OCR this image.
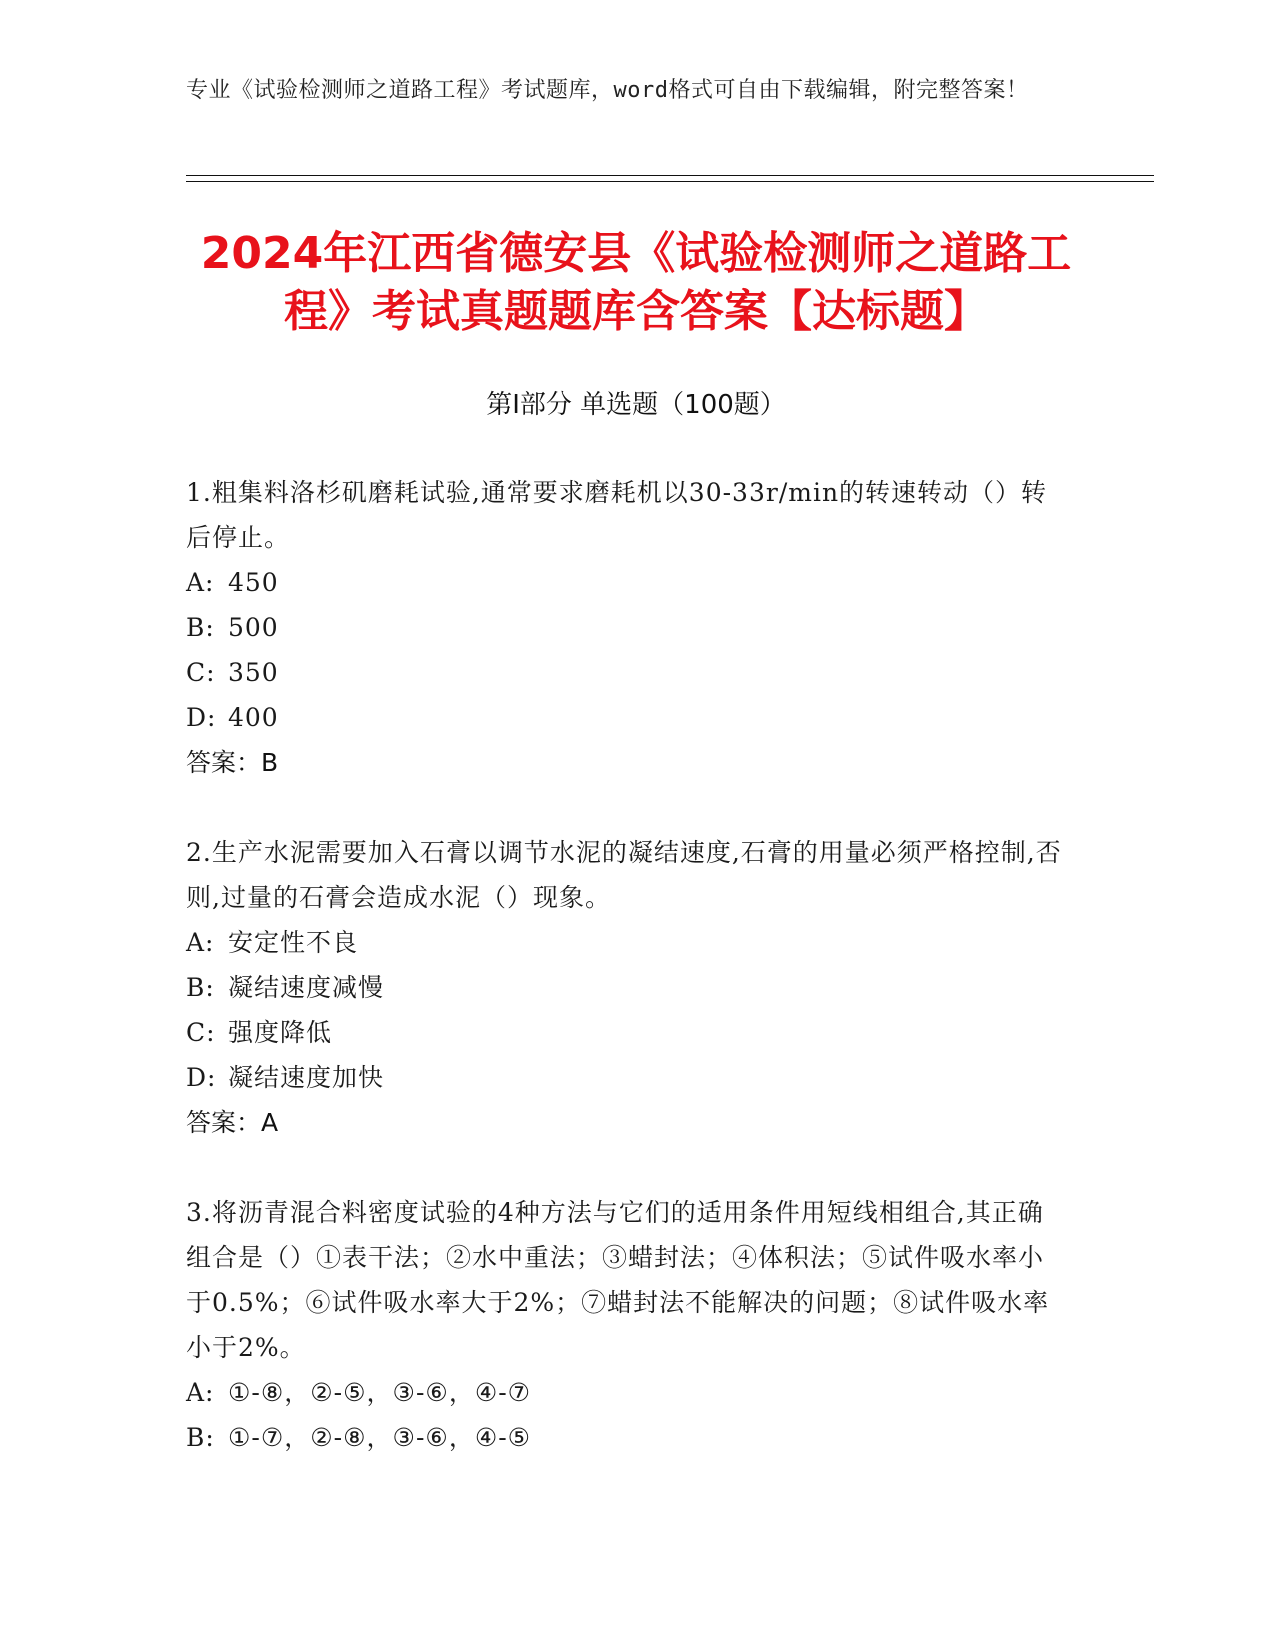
专业《试验检测师之道路工程》考试题库，word格式可自由下载编辑，附完整答案！
2024年江西省德安县《试验检测师之道路工
程》考试真题题库含答案【达标题】
第I部分 单选题（100题）
1.粗集料洛杉矶磨耗试验,通常要求磨耗机以30-33r/min的转速转动（）转后停止。
A: 450
B: 500
C: 350
D: 400
答案：B
2.生产水泥需要加入石膏以调节水泥的凝结速度,石膏的用量必须严格控制,否则,过量的石膏会造成水泥（）现象。
A: 安定性不良
B: 凝结速度减慢
C: 强度降低
D: 凝结速度加快
答案：A
3.将沥青混合料密度试验的4种方法与它们的适用条件用短线相组合,其正确组合是（）①表干法；②水中重法；③蜡封法；④体积法；⑤试件吸水率小于0.5%；⑥试件吸水率大于2%；⑦蜡封法不能解决的问题；⑧试件吸水率小于2%。
A: ①-⑧，②-⑤，③-⑥，④-⑦
B: ①-⑦，②-⑧，③-⑥，④-⑤
